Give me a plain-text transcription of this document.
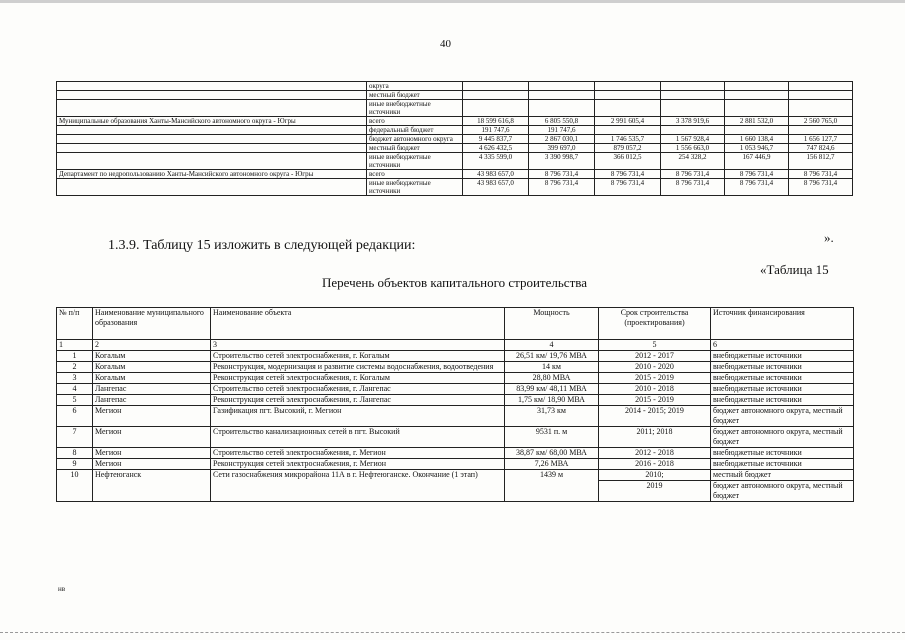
40
	округа						
	местный бюджет						
	иные внебюджетные источники						
Муниципальные образования Ханты-Мансийского автономного округа - Югры	всего	18 599 616,8	6 805 550,8	2 991 605,4	3 378 919,6	2 881 532,0	2 560 765,0
	федеральный бюджет	191 747,6	191 747,6				
	бюджет автономного округа	9 445 837,7	2 867 030,1	1 746 535,7	1 567 928,4	1 660 138,4	1 656 127,7
	местный бюджет	4 626 432,5	399 697,0	879 057,2	1 556 663,0	1 053 946,7	747 824,6
	иные внебюджетные источники	4 335 599,0	3 390 998,7	366 012,5	254 328,2	167 446,9	156 812,7
Департамент по недропользованию Ханты-Мансийского автономного округа - Югры	всего	43 983 657,0	8 796 731,4	8 796 731,4	8 796 731,4	8 796 731,4	8 796 731,4
	иные внебюджетные источники	43 983 657,0	8 796 731,4	8 796 731,4	8 796 731,4	8 796 731,4	8 796 731,4
».
1.3.9. Таблицу 15 изложить в следующей редакции:
«Таблица 15
Перечень объектов капитального строительства
№ п/п	Наименование муниципального образования	Наименование объекта	Мощность	Срок строительства (проектирования)	Источник финансирования
1	2	3	4	5	6
1	Когалым	Строительство сетей электроснабжения, г. Когалым	26,51 км/ 19,76 МВА	2012 - 2017	внебюджетные источники
2	Когалым	Реконструкция, модернизация и развитие системы водоснабжения, водоотведения	14 км	2010 - 2020	внебюджетные источники
3	Когалым	Реконструкция сетей электроснабжения, г. Когалым	28,80 МВА	2015 - 2019	внебюджетные источники
4	Лангепас	Строительство сетей электроснабжения, г. Лангепас	83,99 км/ 48,11 МВА	2010 - 2018	внебюджетные источники
5	Лангепас	Реконструкция сетей электроснабжения, г. Лангепас	1,75 км/ 18,90 МВА	2015 - 2019	внебюджетные источники
6	Мегион	Газификация пгт. Высокий, г. Мегион	31,73 км	2014 - 2015; 2019	бюджет автономного округа, местный бюджет
7	Мегион	Строительство канализационных сетей в пгт. Высокий	9531 п. м	2011; 2018	бюджет автономного округа, местный бюджет
8	Мегион	Строительство сетей электроснабжения, г. Мегион	38,87 км/ 68,00 МВА	2012 - 2018	внебюджетные источники
9	Мегион	Реконструкция сетей электроснабжения, г. Мегион	7,26 МВА	2016 - 2018	внебюджетные источники
10	Нефтеюганск	Сети газоснабжения микрорайона 11А в г. Нефтеюганске. Окончание (1 этап)	1439 м	2010;	местный бюджет
				2019	бюджет автономного округа, местный бюджет
нв
